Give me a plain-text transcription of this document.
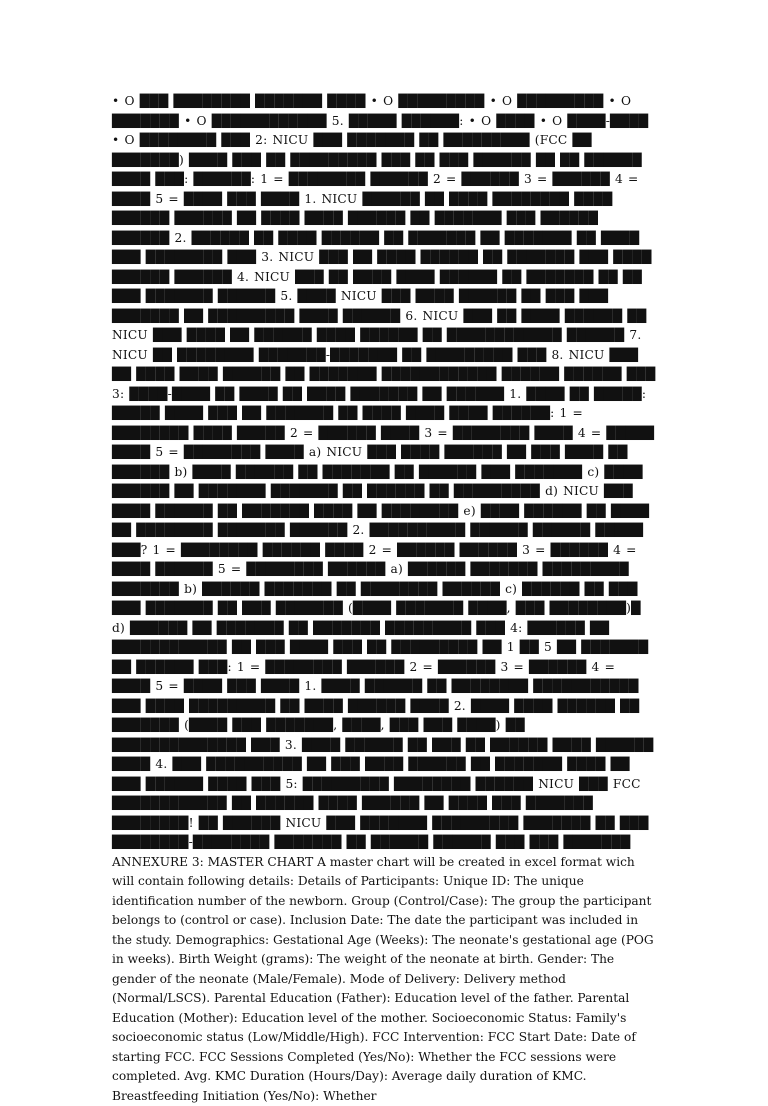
• O ███ ████████ ███████ ████ • O █████████ • O █████████ • O ███████ • O ████████████ 5. █████ ██████: • O ████ • O ████-████ • O ████████ ███ 2: NICU ███ ███████ ██ █████████ (FCC ██ ███████) ████ ███ ██ █████████ ███ ██ ███ ██████ ██ ██ ██████ ████ ███: ██████: 1 = ████████ ██████ 2 = ██████ 3 = ██████ 4 = ████ 5 = ████ ███ ████ 1. NICU ██████ ██ ████ ████████ ████ ██████ ██████ ██ ████ ████ ██████ ██ ███████ ███ ██████ ██████ 2. ██████ ██ ████ ██████ ██ ███████ ██ ███████ ██ ████ ███ ████████ ███ 3. NICU ███ ██ ████ ██████ ██ ███████ ███ ████ ██████ ██████ 4. NICU ███ ██ ████ ████ ██████ ██ ███████ ██ ██ ███ ███████ ██████ 5. ████ NICU ███ ████ ██████ ██ ███ ███ ███████ ██ █████████ ████ ██████ 6. NICU ███ ██ ████ ██████ ██ NICU ███ ████ ██ ██████ ████ ██████ ██ ████████████ ██████ 7. NICU ██ ████████ ███████-███████ ██ █████████ ███ 8. NICU ███ ██ ████ ████ ██████ ██ ███████ ████████████ ██████ ██████ ███ 3: ████-████ ██ ████ ██ ████ ███████ ██ ██████ 1. ████ ██ █████: █████ ████ ███ ██ ███████ ██ ████ ████ ████ ██████: 1 = ████████ ████ █████ 2 = ██████ ████ 3 = ████████ ████ 4 = █████ ████ 5 = ████████ ████ a) NICU ███ ████ ██████ ██ ███ ████ ██ ██████ b) ████ ██████ ██ ███████ ██ ██████ ███ ███████ c) ████ ██████ ██ ███████ ███████ ██ ██████ ██ █████████ d) NICU ███ ████ ██████ ██ ███████ ████ ██ ████████ e) ████ ██████ ██ ████ ██ ████████ ███████ ██████ 2. ██████████ ██████ ██████ █████ ███? 1 = ████████ ██████ ████ 2 = ██████ ██████ 3 = ██████ 4 = ████ ██████ 5 = ████████ ██████ a) ██████ ███████ █████████ ███████ b) ██████ ███████ ██ ████████ ██████ c) ██████ ██ ███ ███ ███████ ██ ███ ███████ (████ ███████ ████, ███ ████████)█ d) ██████ ██ ███████ ██ ███████ █████████ ███ 4: ██████ ██ ████████████ ██ ███ ████ ███ ██ █████████ ██ 1 ██ 5 ██ ███████ ██ ██████ ███: 1 = ████████ ██████ 2 = ██████ 3 = ██████ 4 = ████ 5 = ████ ███ ████ 1. ████ ██████ ██ ████████ ███████████ ███ ████ █████████ ██ ████ ██████ ████ 2. ████ ████ ██████ ██ ███████ (████ ███ ███████, ████, ███ ███ ████) ██ ██████████████ ███ 3. ████ ██████ ██ ███ ██ ██████ ████ ██████ ████ 4. ███ ██████████ ██ ███ ████ ██████ ██ ███████ ████ ██ ███ ██████ ████ ███ 5: █████████ ████████ ██████ NICU ███ FCC ████████████ ██ ██████ ████ ██████ ██ ████ ███ ███████ ████████! ██ ██████ NICU ███ ███████ █████████ ███████ ██ ███ ████████-████████ ███████ ██ ██████ ██████ ███ ███ ███████ ANNEXURE 3: MASTER CHART A master chart will be created in excel format wich will contain following details: Details of Participants: Unique ID: The unique identification number of the newborn. Group (Control/Case): The group the participant belongs to (control or case). Inclusion Date: The date the participant was included in the study. Demographics: Gestational Age (Weeks): The neonate's gestational age (POG in weeks). Birth Weight (grams): The weight of the neonate at birth. Gender: The gender of the neonate (Male/Female). Mode of Delivery: Delivery method (Normal/LSCS). Parental Education (Father): Education level of the father. Parental Education (Mother): Education level of the mother. Socioeconomic Status: Family's socioeconomic status (Low/Middle/High). FCC Intervention: FCC Start Date: Date of starting FCC. FCC Sessions Completed (Yes/No): Whether the FCC sessions were completed. Avg. KMC Duration (Hours/Day): Average daily duration of KMC. Breastfeeding Initiation (Yes/No): Whether
